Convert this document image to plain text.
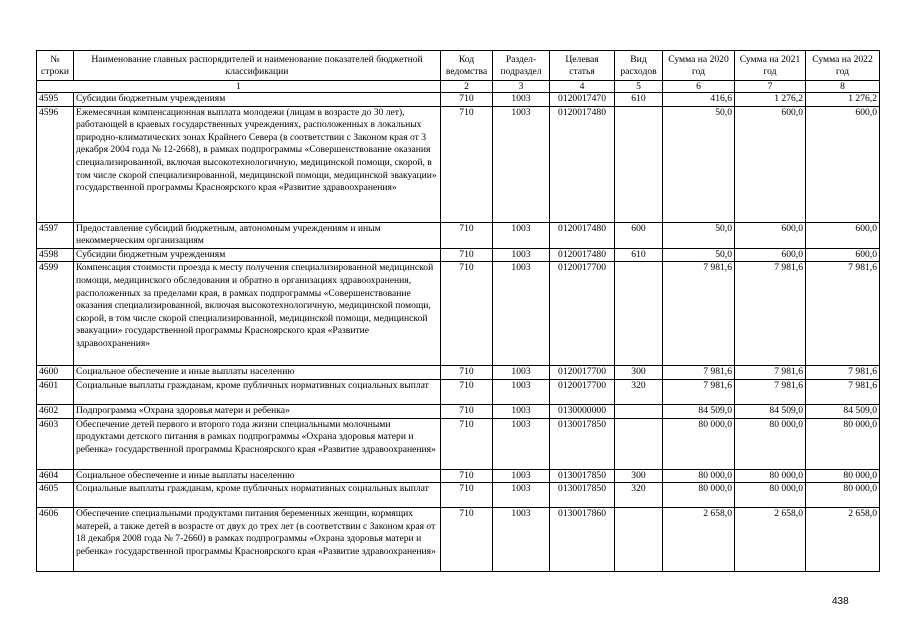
№ строки	Наименование главных распорядителей и наименование показателей бюджетной классификации	Код ведомства	Раздел-подраздел	Целевая статья	Вид расходов	Сумма на 2020 год	Сумма на 2021 год	Сумма на 2022 год
1		2	3	4	5	6	7	8
4595	Субсидии бюджетным учреждениям	710	1003	0120017470	610	416,6	1 276,2	1 276,2
4596	Ежемесячная компенсационная выплата молодежи (лицам в возрасте до 30 лет), работающей в краевых государственных учреждениях, расположенных в локальных природно-климатических зонах Крайнего Севера (в соответствии с Законом края от 3 декабря 2004 года № 12-2668), в рамках подпрограммы «Совершенствование оказания специализированной, включая высокотехнологичную, медицинской помощи, скорой, в том числе скорой специализированной, медицинской помощи, медицинской эвакуации» государственной программы Красноярского края «Развитие здравоохранения»	710	1003	0120017480		50,0	600,0	600,0
4597	Предоставление субсидий бюджетным, автономным учреждениям и иным некоммерческим организациям	710	1003	0120017480	600	50,0	600,0	600,0
4598	Субсидии бюджетным учреждениям	710	1003	0120017480	610	50,0	600,0	600,0
4599	Компенсация стоимости проезда к месту получения специализированной медицинской помощи, медицинского обследования и обратно в организациях здравоохранения, расположенных за пределами края, в рамках подпрограммы «Совершенствование оказания специализированной, включая высокотехнологичную, медицинской помощи, скорой, в том числе скорой специализированной, медицинской помощи, медицинской эвакуации» государственной программы Красноярского края «Развитие здравоохранения»	710	1003	0120017700		7 981,6	7 981,6	7 981,6
4600	Социальное обеспечение и иные выплаты населению	710	1003	0120017700	300	7 981,6	7 981,6	7 981,6
4601	Социальные выплаты гражданам, кроме публичных нормативных социальных выплат	710	1003	0120017700	320	7 981,6	7 981,6	7 981,6
4602	Подпрограмма «Охрана здоровья матери и ребенка»	710	1003	0130000000		84 509,0	84 509,0	84 509,0
4603	Обеспечение детей первого и второго года жизни специальными молочными продуктами детского питания в рамках подпрограммы «Охрана здоровья матери и ребенка» государственной программы Красноярского края «Развитие здравоохранения»	710	1003	0130017850		80 000,0	80 000,0	80 000,0
4604	Социальное обеспечение и иные выплаты населению	710	1003	0130017850	300	80 000,0	80 000,0	80 000,0
4605	Социальные выплаты гражданам, кроме публичных нормативных социальных выплат	710	1003	0130017850	320	80 000,0	80 000,0	80 000,0
4606	Обеспечение специальными продуктами питания беременных женщин, кормящих матерей, а также детей в возрасте от двух до трех лет (в соответствии с Законом края от 18 декабря 2008 года № 7-2660) в рамках подпрограммы «Охрана здоровья матери и ребенка» государственной программы Красноярского края «Развитие здравоохранения»	710	1003	0130017860		2 658,0	2 658,0	2 658,0
438
